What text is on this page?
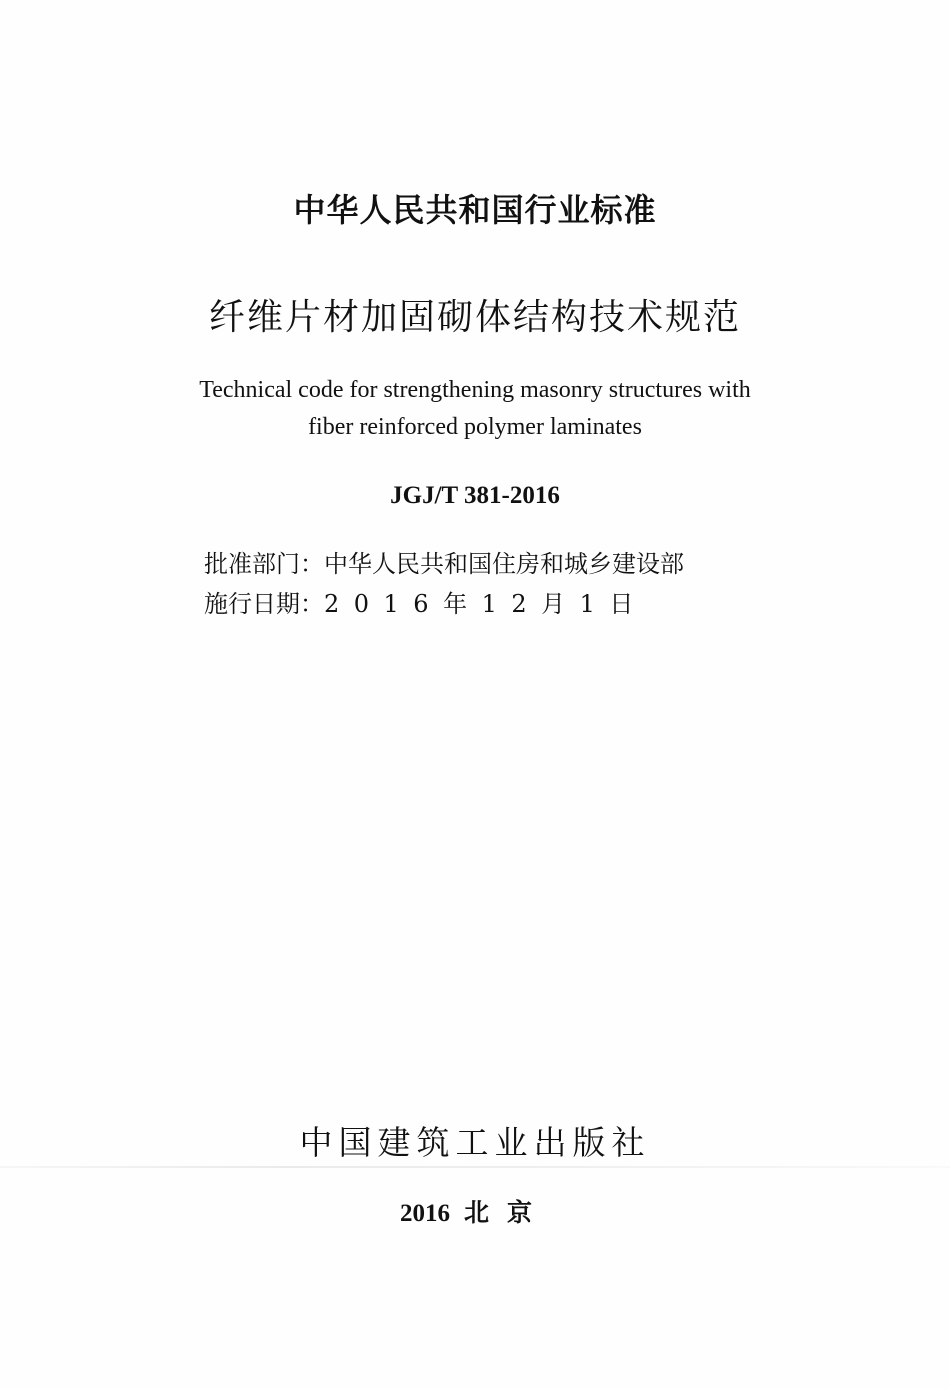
中华人民共和国行业标准
纤维片材加固砌体结构技术规范
Technical code for strengthening masonry structures with
fiber reinforced polymer laminates
JGJ/T 381-2016
批准部门：中华人民共和国住房和城乡建设部
施行日期：2016年12月1日
中国建筑工业出版社
2016 北京
